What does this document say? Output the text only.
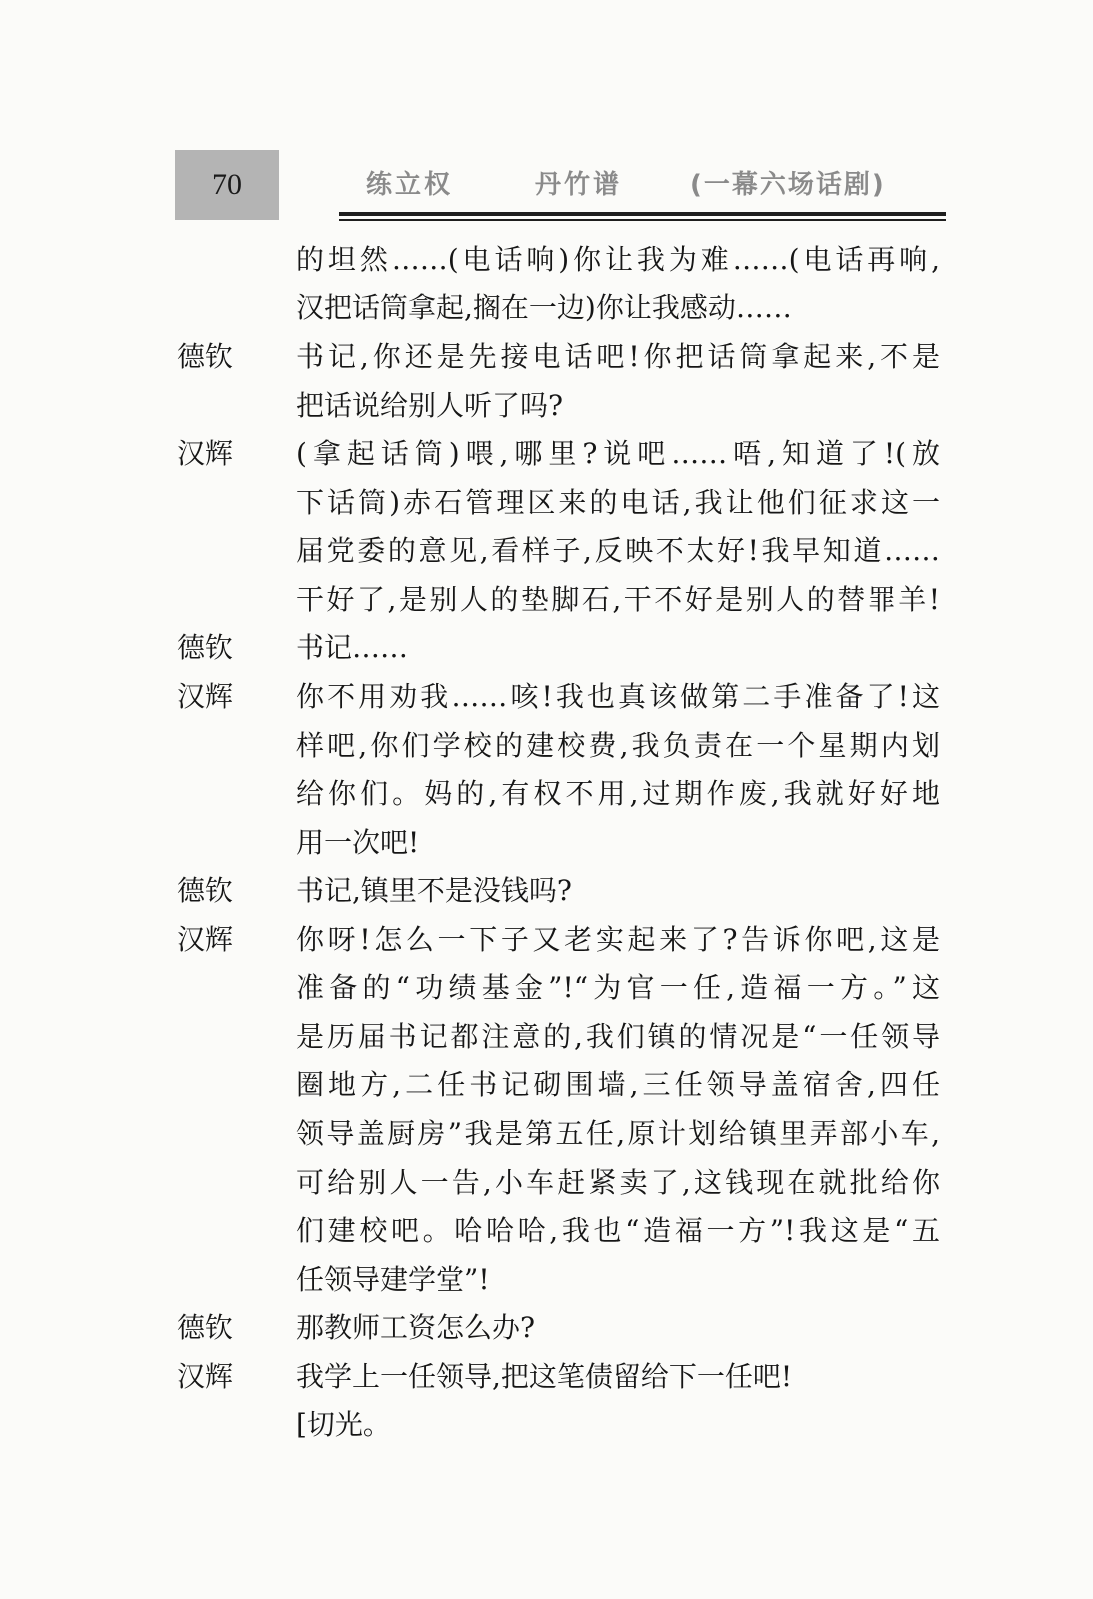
70	练立权	丹竹谱	(一幕六场话剧)
的坦然……(电话响)你让我为难……(电话再响,
汉把话筒拿起,搁在一边)你让我感动……
德钦 书记,你还是先接电话吧!你把话筒拿起来,不是
把话说给别人听了吗?
汉辉 (拿起话筒)喂,哪里?说吧……唔,知道了!(放
下话筒)赤石管理区来的电话,我让他们征求这一
届党委的意见,看样子,反映不太好!我早知道……
干好了,是别人的垫脚石,干不好是别人的替罪羊!
德钦 书记……
汉辉 你不用劝我……咳!我也真该做第二手准备了!这
样吧,你们学校的建校费,我负责在一个星期内划
给你们。妈的,有权不用,过期作废,我就好好地
用一次吧!
德钦 书记,镇里不是没钱吗?
汉辉 你呀!怎么一下子又老实起来了?告诉你吧,这是
准备的“功绩基金”!“为官一任,造福一方。”这
是历届书记都注意的,我们镇的情况是“一任领导
圈地方,二任书记砌围墙,三任领导盖宿舍,四任
领导盖厨房”我是第五任,原计划给镇里弄部小车,
可给别人一告,小车赶紧卖了,这钱现在就批给你
们建校吧。哈哈哈,我也“造福一方”!我这是“五
任领导建学堂”!
德钦 那教师工资怎么办?
汉辉 我学上一任领导,把这笔债留给下一任吧!
[切光。
